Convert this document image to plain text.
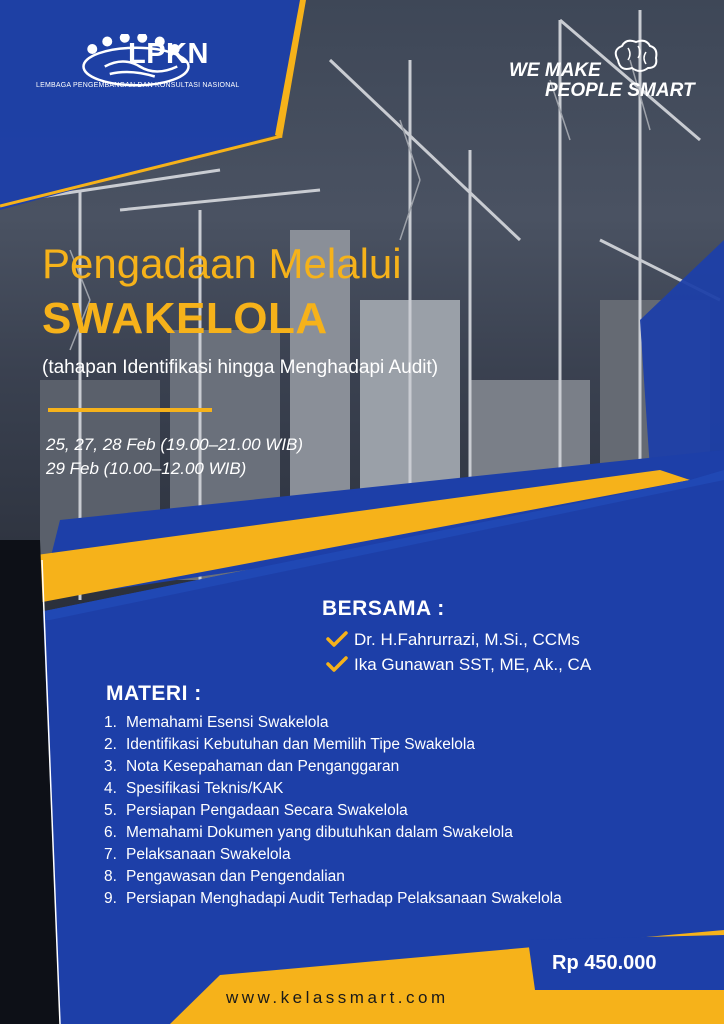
LPKN
LEMBAGA PENGEMBANGAN DAN KONSULTASI NASIONAL
WE MAKE
PEOPLE SMART
Pengadaan Melalui
SWAKELOLA
(tahapan Identifikasi hingga Menghadapi Audit)
25, 27, 28 Feb (19.00–21.00 WIB)
29 Feb (10.00–12.00 WIB)
BERSAMA :
Dr. H.Fahrurrazi, M.Si., CCMs
Ika Gunawan SST, ME, Ak., CA
MATERI :
1. Memahami Esensi Swakelola
2. Identifikasi Kebutuhan dan Memilih Tipe Swakelola
3. Nota Kesepahaman dan Penganggaran
4. Spesifikasi Teknis/KAK
5. Persiapan Pengadaan Secara Swakelola
6. Memahami Dokumen yang dibutuhkan dalam Swakelola
7. Pelaksanaan Swakelola
8. Pengawasan dan Pengendalian
9. Persiapan Menghadapi Audit Terhadap Pelaksanaan Swakelola
Rp 450.000
www.kelassmart.com
